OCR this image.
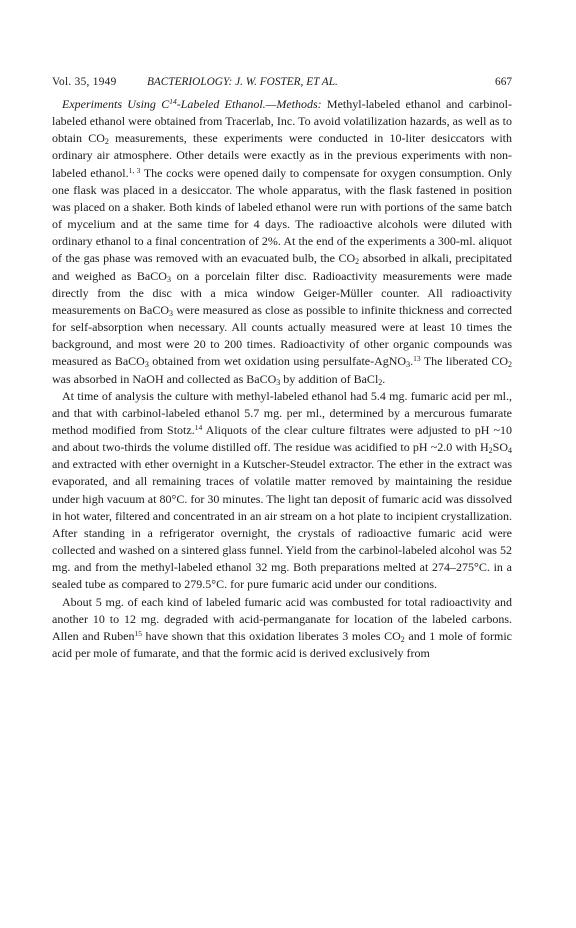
Vol. 35, 1949	BACTERIOLOGY: J. W. FOSTER, ET AL.	667

Experiments Using C$^{14}$-Labeled Ethanol.—Methods: Methyl-labeled ethanol and carbinol-labeled ethanol were obtained from Tracerlab, Inc. To avoid volatilization hazards, as well as to obtain $CO_2$ measurements, these experiments were conducted in 10-liter desiccators with ordinary air atmosphere. Other details were exactly as in the previous experiments with non-labeled ethanol.$^{1, 3}$ The cocks were opened daily to compensate for oxygen consumption. Only one flask was placed in a desiccator. The whole apparatus, with the flask fastened in position was placed on a shaker. Both kinds of labeled ethanol were run with portions of the same batch of mycelium and at the same time for 4 days. The radioactive alcohols were diluted with ordinary ethanol to a final concentration of 2%. At the end of the experiments a 300-ml. aliquot of the gas phase was removed with an evacuated bulb, the $CO_2$ absorbed in alkali, precipitated and weighed as BaCO$_3$ on a porcelain filter disc. Radioactivity measurements were made directly from the disc with a mica window Geiger-Müller counter. All radioactivity measurements on BaCO$_3$ were measured as close as possible to infinite thickness and corrected for self-absorption when necessary. All counts actually measured were at least 10 times the background, and most were 20 to 200 times. Radioactivity of other organic compounds was measured as BaCO$_3$ obtained from wet oxidation using persulfate-AgNO$_3$.$^{13}$ The liberated $CO_2$ was absorbed in NaOH and collected as BaCO$_3$ by addition of BaCl$_2$.

At time of analysis the culture with methyl-labeled ethanol had 5.4 mg. fumaric acid per ml., and that with carbinol-labeled ethanol 5.7 mg. per ml., determined by a mercurous fumarate method modified from Stotz.$^{14}$ Aliquots of the clear culture filtrates were adjusted to pH ~10 and about two-thirds the volume distilled off. The residue was acidified to pH ~2.0 with $H_2SO_4$ and extracted with ether overnight in a Kutscher-Steudel extractor. The ether in the extract was evaporated, and all remaining traces of volatile matter removed by maintaining the residue under high vacuum at 80°C. for 30 minutes. The light tan deposit of fumaric acid was dissolved in hot water, filtered and concentrated in an air stream on a hot plate to incipient crystallization. After standing in a refrigerator overnight, the crystals of radioactive fumaric acid were collected and washed on a sintered glass funnel. Yield from the carbinol-labeled alcohol was 52 mg. and from the methyl-labeled ethanol 32 mg. Both preparations melted at 274–275°C. in a sealed tube as compared to 279.5°C. for pure fumaric acid under our conditions.

About 5 mg. of each kind of labeled fumaric acid was combusted for total radioactivity and another 10 to 12 mg. degraded with acid-permanganate for location of the labeled carbons. Allen and Ruben$^{15}$ have shown that this oxidation liberates 3 moles $CO_2$ and 1 mole of formic acid per mole of fumarate, and that the formic acid is derived exclusively from
